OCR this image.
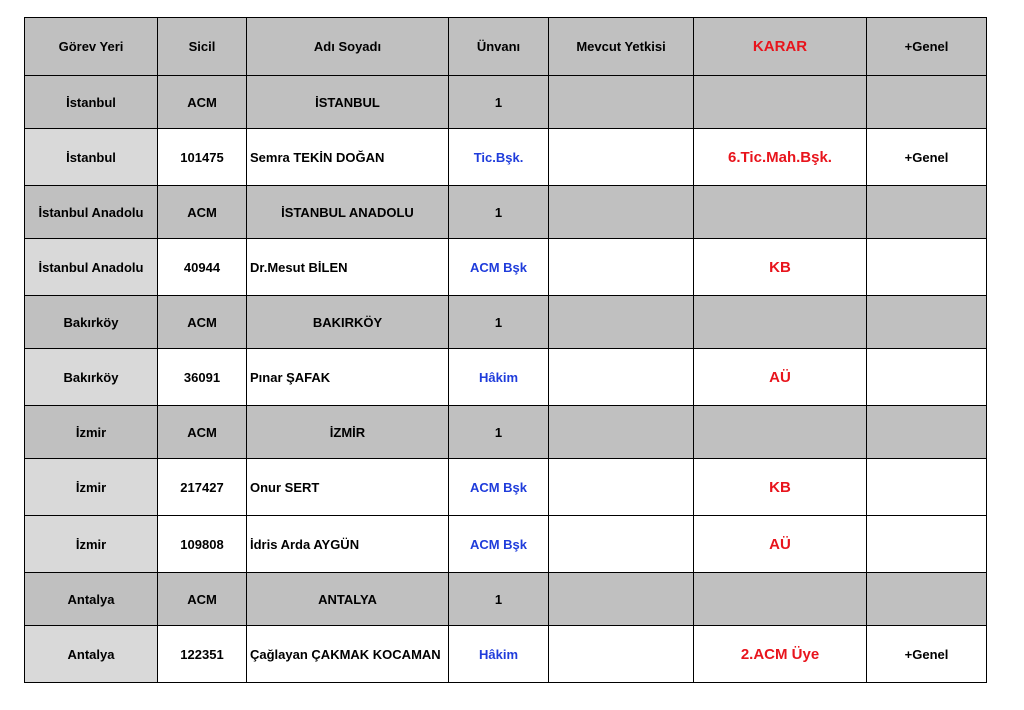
Görev Yeri	Sicil	Adı Soyadı	Ünvanı	Mevcut Yetkisi	KARAR	+Genel
İstanbul	ACM	İSTANBUL	1			
İstanbul	101475	Semra TEKİN DOĞAN	Tic.Bşk.		6.Tic.Mah.Bşk.	+Genel
İstanbul Anadolu	ACM	İSTANBUL ANADOLU	1			
İstanbul Anadolu	40944	Dr.Mesut BİLEN	ACM Bşk		KB	
Bakırköy	ACM	BAKIRKÖY	1			
Bakırköy	36091	Pınar ŞAFAK	Hâkim		AÜ	
İzmir	ACM	İZMİR	1			
İzmir	217427	Onur SERT	ACM Bşk		KB	
İzmir	109808	İdris Arda AYGÜN	ACM Bşk		AÜ	
Antalya	ACM	ANTALYA	1			
Antalya	122351	Çağlayan ÇAKMAK KOCAMAN	Hâkim		2.ACM Üye	+Genel
